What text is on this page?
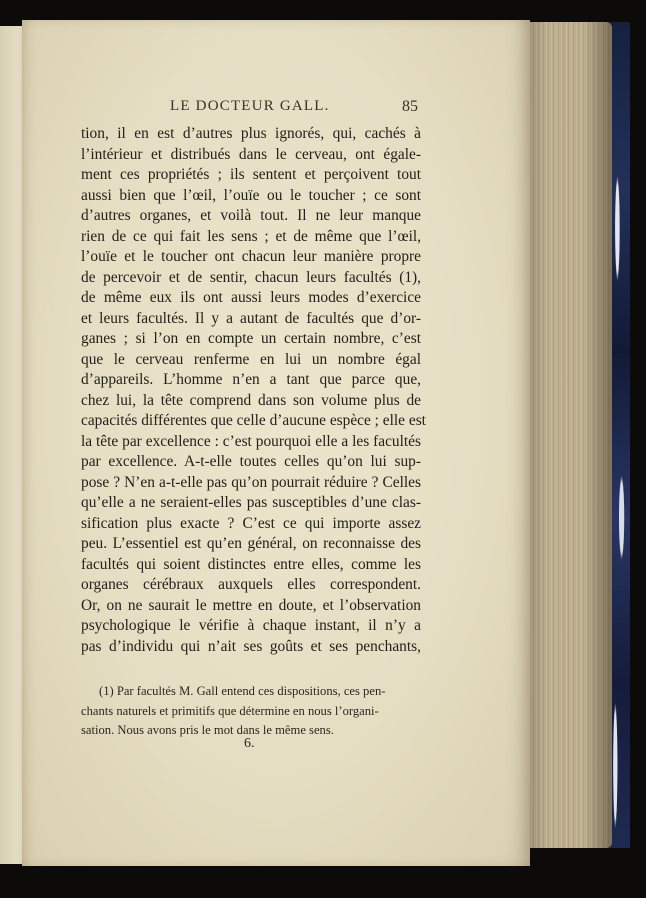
LE DOCTEUR GALL.	85
tion, il en est d’autres plus ignorés, qui, cachés à
l’intérieur et distribués dans le cerveau, ont égale-
ment ces propriétés ; ils sentent et perçoivent tout
aussi bien que l’œil, l’ouïe ou le toucher ; ce sont
d’autres organes, et voilà tout. Il ne leur manque
rien de ce qui fait les sens ; et de même que l’œil,
l’ouïe et le toucher ont chacun leur manière propre
de percevoir et de sentir, chacun leurs facultés (1),
de même eux ils ont aussi leurs modes d’exercice
et leurs facultés. Il y a autant de facultés que d’or-
ganes ; si l’on en compte un certain nombre, c’est
que le cerveau renferme en lui un nombre égal
d’appareils. L’homme n’en a tant que parce que,
chez lui, la tête comprend dans son volume plus de
capacités différentes que celle d’aucune espèce ; elle est
la tête par excellence : c’est pourquoi elle a les facultés
par excellence. A-t-elle toutes celles qu’on lui sup-
pose ? N’en a-t-elle pas qu’on pourrait réduire ? Celles
qu’elle a ne seraient-elles pas susceptibles d’une clas-
sification plus exacte ? C’est ce qui importe assez
peu. L’essentiel est qu’en général, on reconnaisse des
facultés qui soient distinctes entre elles, comme les
organes cérébraux auxquels elles correspondent.
Or, on ne saurait le mettre en doute, et l’observation
psychologique le vérifie à chaque instant, il n’y a
pas d’individu qui n’ait ses goûts et ses penchants,
(1) Par facultés M. Gall entend ces dispositions, ces pen-
chants naturels et primitifs que détermine en nous l’organi-
sation. Nous avons pris le mot dans le même sens.
6.
